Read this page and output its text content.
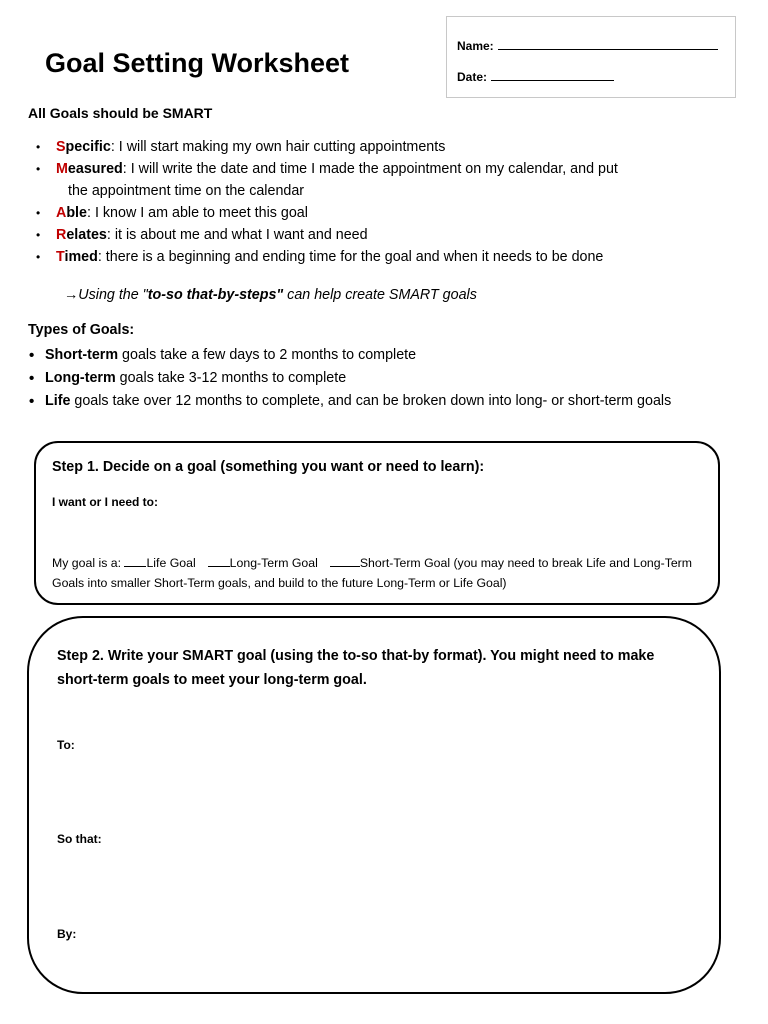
Goal Setting Worksheet
Name:
Date:
All Goals should be SMART
• Specific: I will start making my own hair cutting appointments
• Measured: I will write the date and time I made the appointment on my calendar, and put
the appointment time on the calendar
• Able: I know I am able to meet this goal
• Relates: it is about me and what I want and need
• Timed: there is a beginning and ending time for the goal and when it needs to be done
→Using the "to-so that-by-steps" can help create SMART goals
Types of Goals:
• Short-term goals take a few days to 2 months to complete
• Long-term goals take 3-12 months to complete
• Life goals take over 12 months to complete, and can be broken down into long- or short-term goals
Step 1. Decide on a goal (something you want or need to learn):
I want or I need to:
My goal is a: Life Goal	Long-Term Goal	Short-Term Goal (you may need to break Life and Long-Term Goals into smaller Short-Term goals, and build to the future Long-Term or Life Goal)
Step 2. Write your SMART goal (using the to-so that-by format). You might need to make short-term goals to meet your long-term goal.
To:
So that:
By:
